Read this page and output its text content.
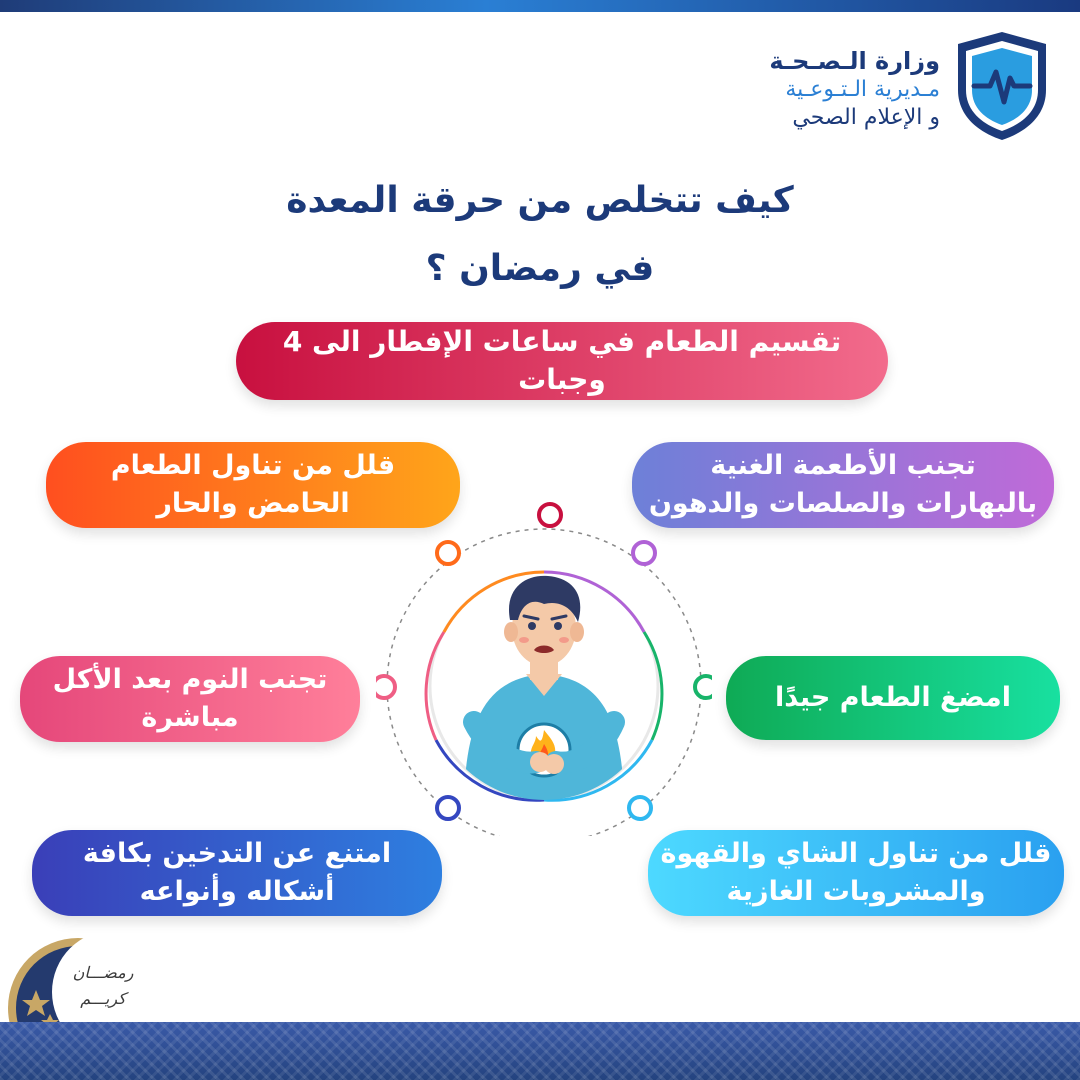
وزارة الـصـحـة
مـديرية الـتـوعـية
و الإعلام الصحي
كيف تتخلص من حرقة المعدة
في رمضان ؟
تقسيم الطعام في ساعات الإفطار الى 4 وجبات
تجنب الأطعمة الغنية
بالبهارات والصلصات والدهون
قلل من تناول الطعام
الحامض والحار
امضغ الطعام جيدًا
تجنب النوم بعد الأكل
مباشرة
قلل من تناول الشاي والقهوة
والمشروبات الغازية
امتنع عن التدخين بكافة
أشكاله وأنواعه
رمضـــان
كريـــم
